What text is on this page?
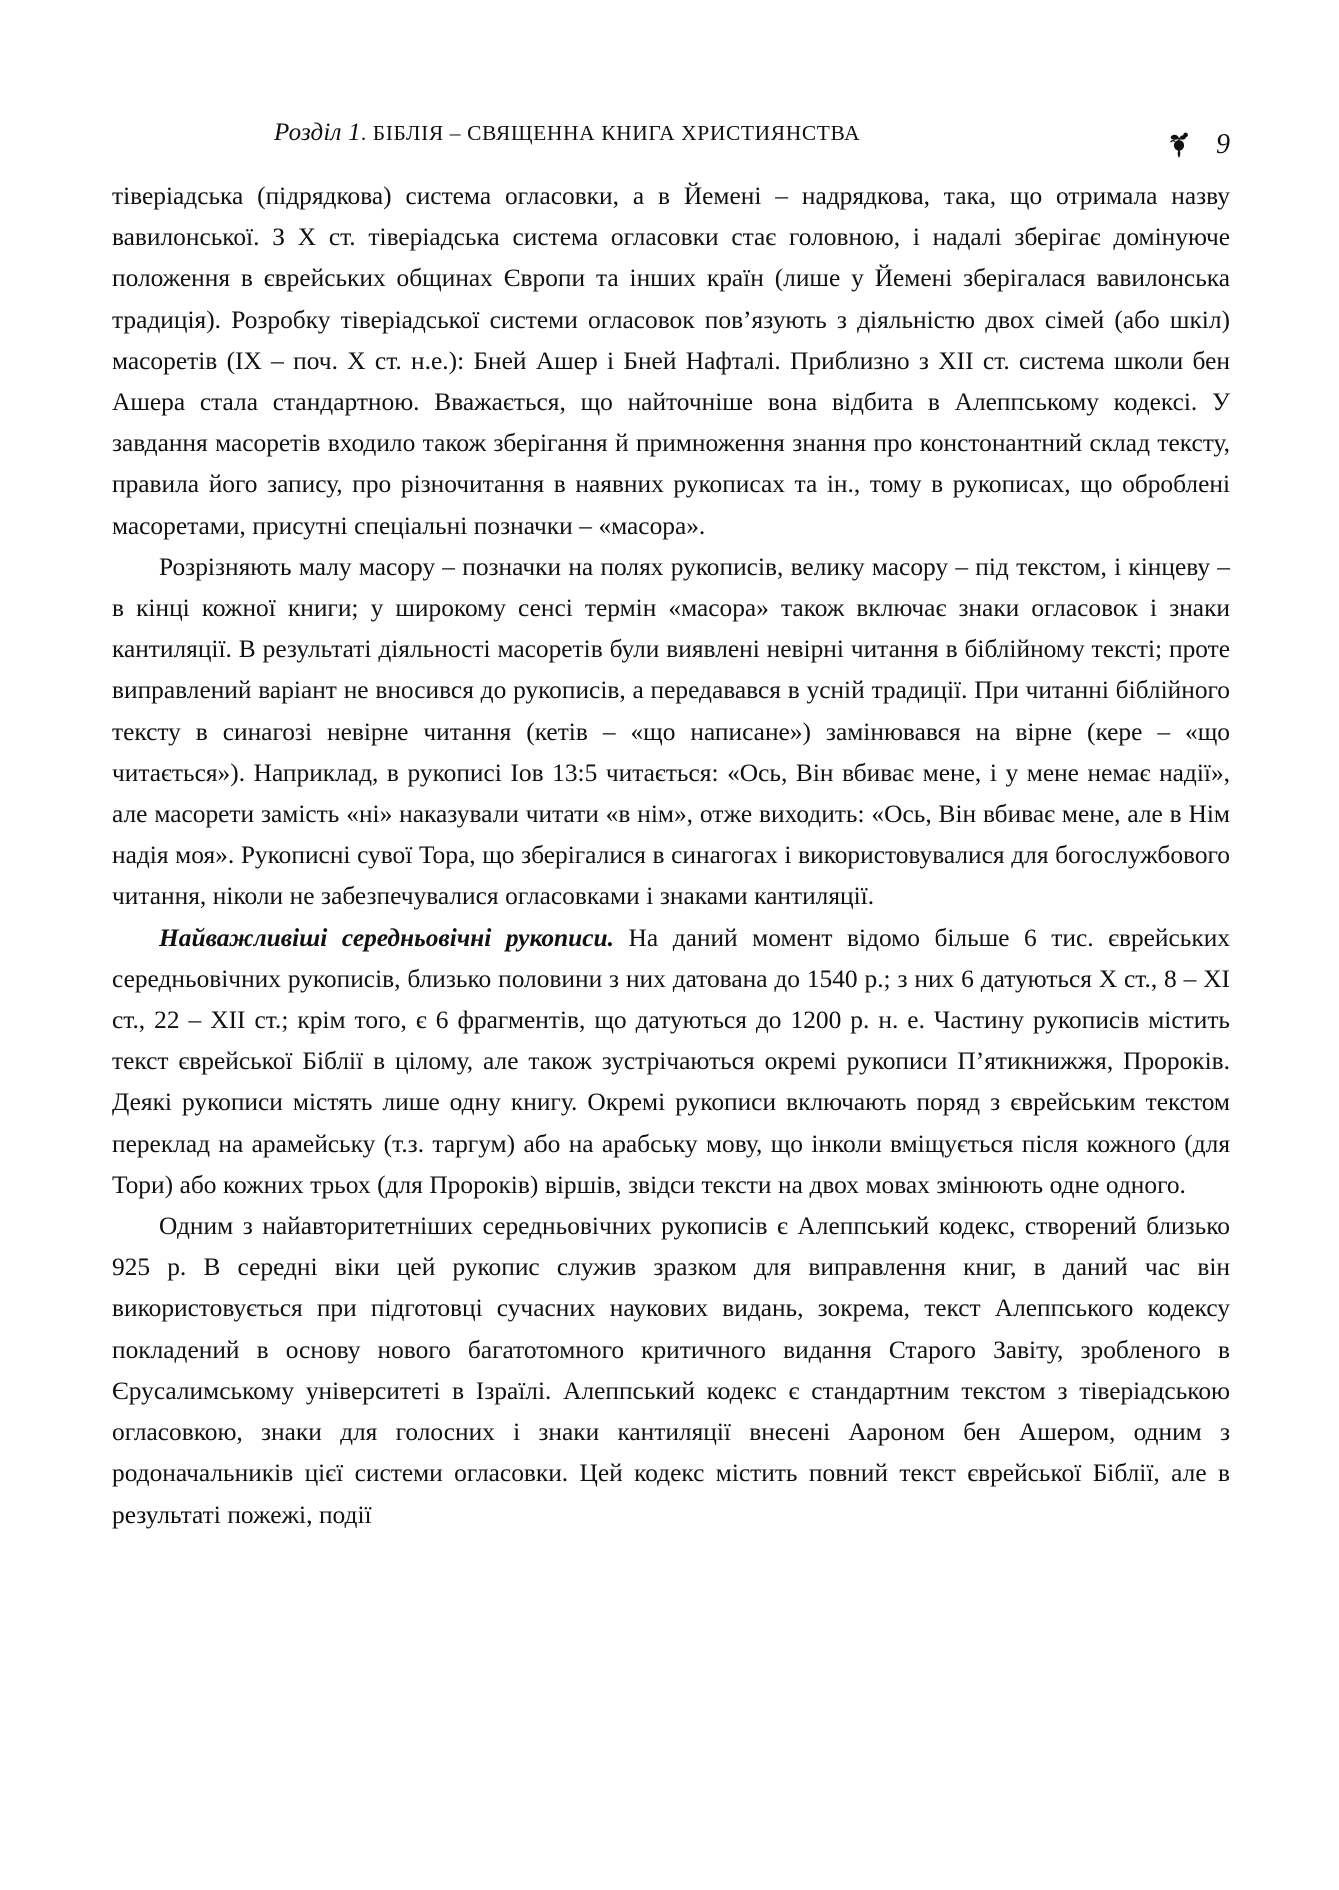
Розділ 1. БІБЛІЯ – СВЯЩЕННА КНИГА ХРИСТИЯНСТВА	9

тіверіадська (підрядкова) система огласовки, а в Йемені – надрядкова, така, що отримала назву вавилонської. З Х ст. тіверіадська система огласовки стає головною, і надалі зберігає домінуюче положення в єврейських общинах Європи та інших країн (лише у Йемені зберігалася вавилонська традиція). Розробку тіверіадської системи огласовок пов’язують з діяльністю двох сімей (або шкіл) масоретів (IX – поч. X ст. н.е.): Бней Ашер і Бней Нафталі. Приблизно з XII ст. система школи бен Ашера стала стандартною. Вважається, що найточніше вона відбита в Алеппському кодексі. У завдання масоретів входило також зберігання й примноження знання про констонантний склад тексту, правила його запису, про різночитання в наявних рукописах та ін., тому в рукописах, що оброблені масоретами, присутні спеціальні позначки – «масора».

Розрізняють малу масору – позначки на полях рукописів, велику масору – під текстом, і кінцеву – в кінці кожної книги; у широкому сенсі термін «масора» також включає знаки огласовок і знаки кантиляції. В результаті діяльності масоретів були виявлені невірні читання в біблійному тексті; проте виправлений варіант не вносився до рукописів, а передавався в усній традиції. При читанні біблійного тексту в синагозі невірне читання (кетів – «що написане») замінювався на вірне (кере – «що читається»). Наприклад, в рукописі Іов 13:5 читається: «Ось, Він вбиває мене, і у мене немає надії», але масорети замість «ні» наказували читати «в нім», отже виходить: «Ось, Він вбиває мене, але в Нім надія моя». Рукописні сувої Тора, що зберігалися в синагогах і використовувалися для богослужбового читання, ніколи не забезпечувалися огласовками і знаками кантиляції.

Найважливіші середньовічні рукописи. На даний момент відомо більше 6 тис. єврейських середньовічних рукописів, близько половини з них датована до 1540 р.; з них 6 датуються Х ст., 8 – ХІ ст., 22 – ХІІ ст.; крім того, є 6 фрагментів, що датуються до 1200 р. н. е. Частину рукописів містить текст єврейської Біблії в цілому, але також зустрічаються окремі рукописи П’ятикнижжя, Пророків. Деякі рукописи містять лише одну книгу. Окремі рукописи включають поряд з єврейським текстом переклад на арамейську (т.з. таргум) або на арабську мову, що інколи вміщується після кожного (для Тори) або кожних трьох (для Пророків) віршів, звідси тексти на двох мовах змінюють одне одного.

Одним з найавторитетніших середньовічних рукописів є Алеппський кодекс, створений близько 925 р. В середні віки цей рукопис служив зразком для виправлення книг, в даний час він використовується при підготовці сучасних наукових видань, зокрема, текст Алеппського кодексу покладений в основу нового багатотомного критичного видання Старого Завіту, зробленого в Єрусалимському університеті в Ізраїлі. Алеппський кодекс є стандартним текстом з тіверіадською огласовкою, знаки для голосних і знаки кантиляції внесені Аароном бен Ашером, одним з родоначальників цієї системи огласовки. Цей кодекс містить повний текст єврейської Біблії, але в результаті пожежі, події
